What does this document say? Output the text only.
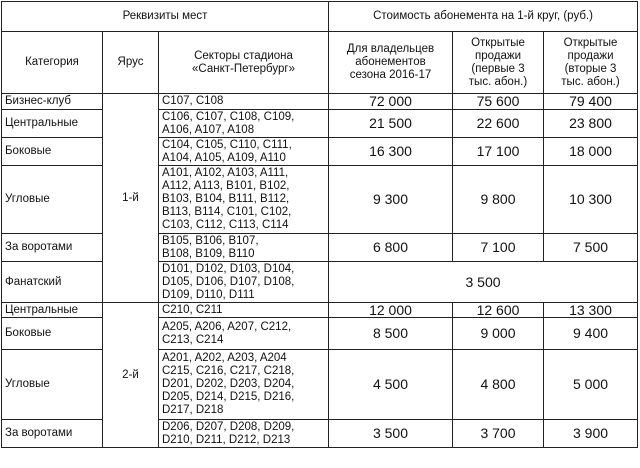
Реквизиты мест			Стоимость абонемента на 1-й круг, (руб.)		
Категория	Ярус	Секторы стадиона
«Санкт-Петербург»	Для владельцев
абонементов
сезона 2016-17	Открытые
продажи
(первые 3
тыс. абон.)	Открытые
продажи
(вторые 3
тыс. абон.)
Бизнес-клуб	1-й	C107, C108	72 000	75 600	79 400
Центральные		C106, C107, C108, C109,
A106, A107, A108	21 500	22 600	23 800
Боковые		C104, C105, C110, C111,
A104, A105, A109, A110	16 300	17 100	18 000
Угловые		A101, A102, A103, A111,
A112, A113, B101, B102,
B103, B104, B111, B112,
B113, B114, C101, C102,
C103, C112, C113, C114	9 300	9 800	10 300
За воротами		B105, B106, B107,
B108, B109, B110	6 800	7 100	7 500
Фанатский		D101, D102, D103, D104,
D105, D106, D107, D108,
D109, D110, D111	3 500		
Центральные	2-й	C210, C211	12 000	12 600	13 300
Боковые		A205, A206, A207, C212,
C213, C214	8 500	9 000	9 400
Угловые		A201, A202, A203, A204
C215, C216, C217, C218,
D201, D202, D203, D204,
D205, D214, D215, D216,
D217, D218	4 500	4 800	5 000
За воротами		D206, D207, D208, D209,
D210, D211, D212, D213	3 500	3 700	3 900
